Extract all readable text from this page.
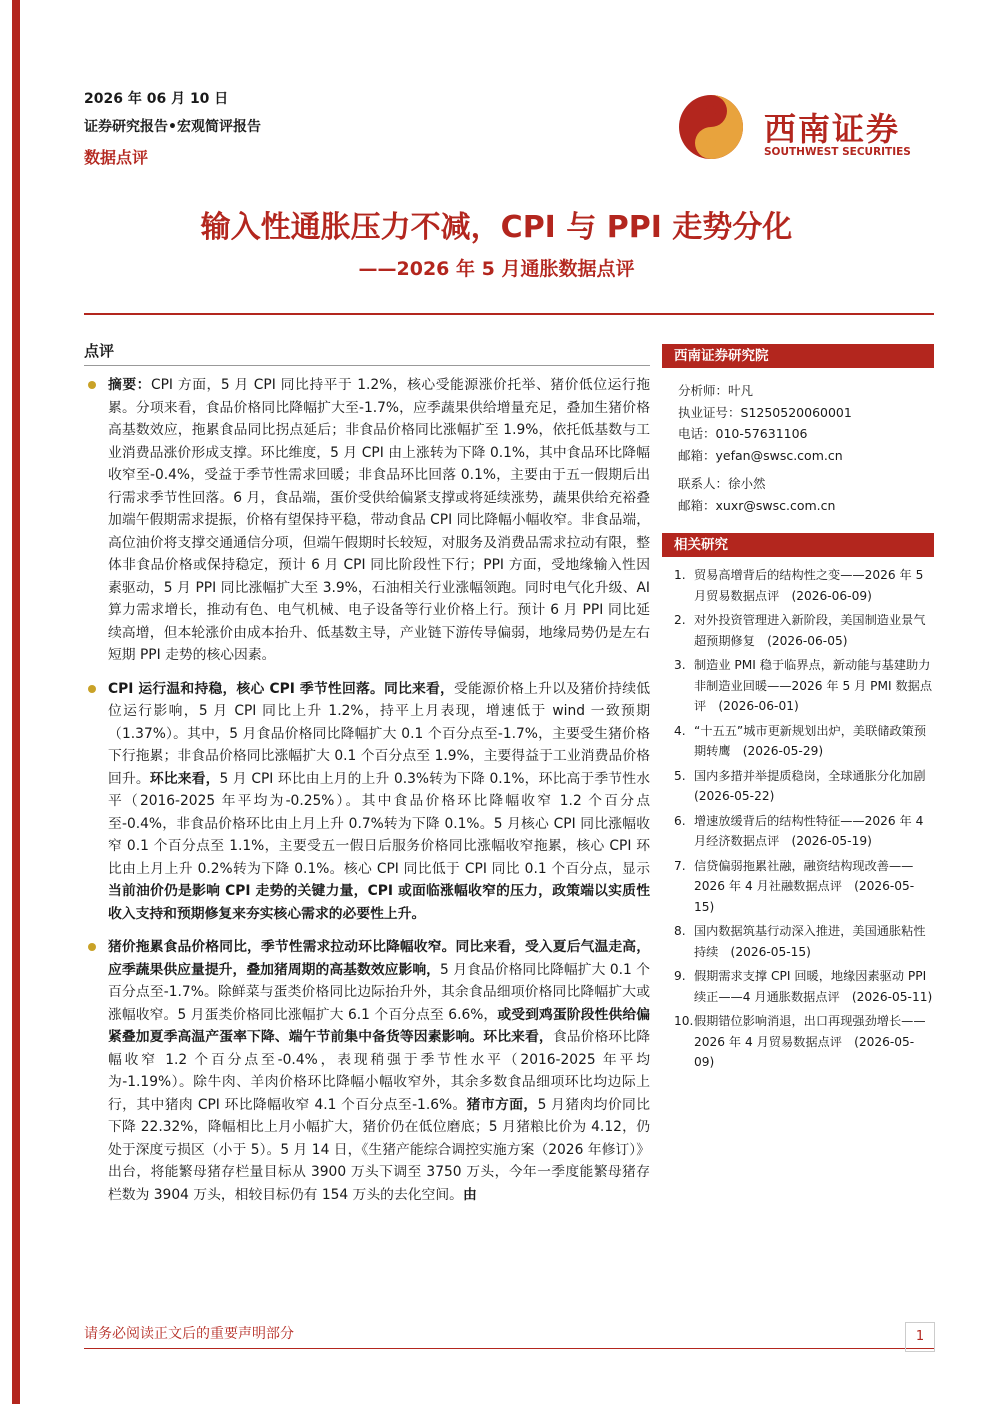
2026 年 06 月 10 日
证券研究报告•宏观简评报告
数据点评
西南证券
SOUTHWEST SECURITIES
输入性通胀压力不减，CPI 与 PPI 走势分化
——2026 年 5 月通胀数据点评
点评
摘要：CPI 方面，5 月 CPI 同比持平于 1.2%，核心受能源涨价托举、猪价低位运行拖累。分项来看，食品价格同比降幅扩大至-1.7%，应季蔬果供给增量充足，叠加生猪价格高基数效应，拖累食品同比拐点延后；非食品价格同比涨幅扩至 1.9%，依托低基数与工业消费品涨价形成支撑。环比维度，5 月 CPI 由上涨转为下降 0.1%，其中食品环比降幅收窄至-0.4%，受益于季节性需求回暖；非食品环比回落 0.1%，主要由于五一假期后出行需求季节性回落。6 月，食品端，蛋价受供给偏紧支撑或将延续涨势，蔬果供给充裕叠加端午假期需求提振，价格有望保持平稳，带动食品 CPI 同比降幅小幅收窄。非食品端，高位油价将支撑交通通信分项，但端午假期时长较短，对服务及消费品需求拉动有限，整体非食品价格或保持稳定，预计 6 月 CPI 同比阶段性下行；PPI 方面，受地缘输入性因素驱动，5 月 PPI 同比涨幅扩大至 3.9%，石油相关行业涨幅领跑。同时电气化升级、AI 算力需求增长，推动有色、电气机械、电子设备等行业价格上行。预计 6 月 PPI 同比延续高增，但本轮涨价由成本抬升、低基数主导，产业链下游传导偏弱，地缘局势仍是左右短期 PPI 走势的核心因素。
CPI 运行温和持稳，核心 CPI 季节性回落。同比来看，受能源价格上升以及猪价持续低位运行影响，5 月 CPI 同比上升 1.2%，持平上月表现，增速低于 wind 一致预期（1.37%）。其中，5 月食品价格同比降幅扩大 0.1 个百分点至-1.7%，主要受生猪价格下行拖累；非食品价格同比涨幅扩大 0.1 个百分点至 1.9%，主要得益于工业消费品价格回升。环比来看，5 月 CPI 环比由上月的上升 0.3%转为下降 0.1%，环比高于季节性水平（2016-2025 年平均为-0.25%）。其中食品价格环比降幅收窄 1.2 个百分点至-0.4%，非食品价格环比由上月上升 0.7%转为下降 0.1%。5 月核心 CPI 同比涨幅收窄 0.1 个百分点至 1.1%，主要受五一假日后服务价格同比涨幅收窄拖累，核心 CPI 环比由上月上升 0.2%转为下降 0.1%。核心 CPI 同比低于 CPI 同比 0.1 个百分点，显示当前油价仍是影响 CPI 走势的关键力量，CPI 或面临涨幅收窄的压力，政策端以实质性收入支持和预期修复来夯实核心需求的必要性上升。
猪价拖累食品价格同比，季节性需求拉动环比降幅收窄。同比来看，受入夏后气温走高，应季蔬果供应量提升，叠加猪周期的高基数效应影响，5 月食品价格同比降幅扩大 0.1 个百分点至-1.7%。除鲜菜与蛋类价格同比边际抬升外，其余食品细项价格同比降幅扩大或涨幅收窄。5 月蛋类价格同比涨幅扩大 6.1 个百分点至 6.6%，或受到鸡蛋阶段性供给偏紧叠加夏季高温产蛋率下降、端午节前集中备货等因素影响。环比来看，食品价格环比降幅收窄 1.2 个百分点至-0.4%，表现稍强于季节性水平（2016-2025 年平均为-1.19%）。除牛肉、羊肉价格环比降幅小幅收窄外，其余多数食品细项环比均边际上行，其中猪肉 CPI 环比降幅收窄 4.1 个百分点至-1.6%。猪市方面，5 月猪肉均价同比下降 22.32%，降幅相比上月小幅扩大，猪价仍在低位磨底；5 月猪粮比价为 4.12，仍处于深度亏损区（小于 5）。5 月 14 日，《生猪产能综合调控实施方案（2026 年修订）》出台，将能繁母猪存栏量目标从 3900 万头下调至 3750 万头，今年一季度能繁母猪存栏数为 3904 万头，相较目标仍有 154 万头的去化空间。由
西南证券研究院
分析师：叶凡
执业证号：S1250520060001
电话：010-57631106
邮箱：yefan@swsc.com.cn
联系人：徐小然
邮箱：xuxr@swsc.com.cn
相关研究
1. 贸易高增背后的结构性之变——2026 年 5 月贸易数据点评　(2026-06-09)
2. 对外投资管理进入新阶段，美国制造业景气超预期修复　(2026-06-05)
3. 制造业 PMI 稳于临界点，新动能与基建助力非制造业回暖——2026 年 5 月 PMI 数据点评　(2026-06-01)
4. “十五五”城市更新规划出炉，美联储政策预期转鹰　(2026-05-29)
5. 国内多措并举提质稳岗，全球通胀分化加剧　(2026-05-22)
6. 增速放缓背后的结构性特征——2026 年 4 月经济数据点评　(2026-05-19)
7. 信贷偏弱拖累社融，融资结构现改善——2026 年 4 月社融数据点评　(2026-05-15)
8. 国内数据筑基行动深入推进，美国通胀粘性持续　(2026-05-15)
9. 假期需求支撑 CPI 回暖，地缘因素驱动 PPI 续正——4 月通胀数据点评　(2026-05-11)
10. 假期错位影响消退，出口再现强劲增长——2026 年 4 月贸易数据点评　(2026-05-09)
请务必阅读正文后的重要声明部分	1
